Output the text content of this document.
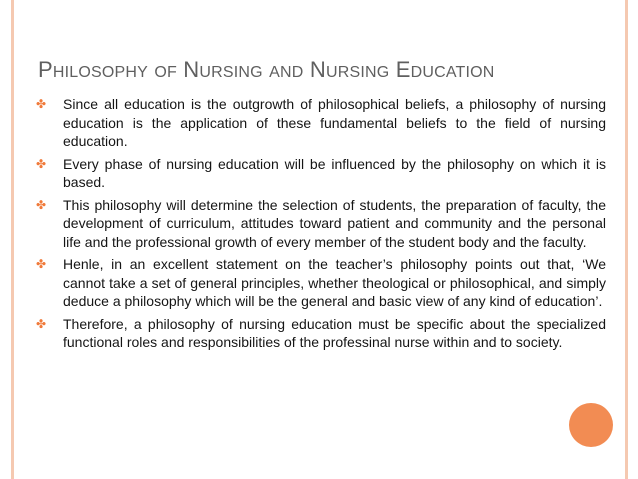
PHILOSOPHY OF NURSING AND NURSING EDUCATION
✤ Since all education is the outgrowth of philosophical beliefs, a philosophy of nursing education is the application of these fundamental beliefs to the field of nursing education.
✤ Every phase of nursing education will be influenced by the philosophy on which it is based.
✤ This philosophy will determine the selection of students, the preparation of faculty, the development of curriculum, attitudes toward patient and community and the personal life and the professional growth of every member of the student body and the faculty.
✤ Henle, in an excellent statement on the teacher’s philosophy points out that, ‘We cannot take a set of general principles, whether theological or philosophical, and simply deduce a philosophy which will be the general and basic view of any kind of education’.
✤ Therefore, a philosophy of nursing education must be specific about the specialized functional roles and responsibilities of the professinal nurse within and to society.
